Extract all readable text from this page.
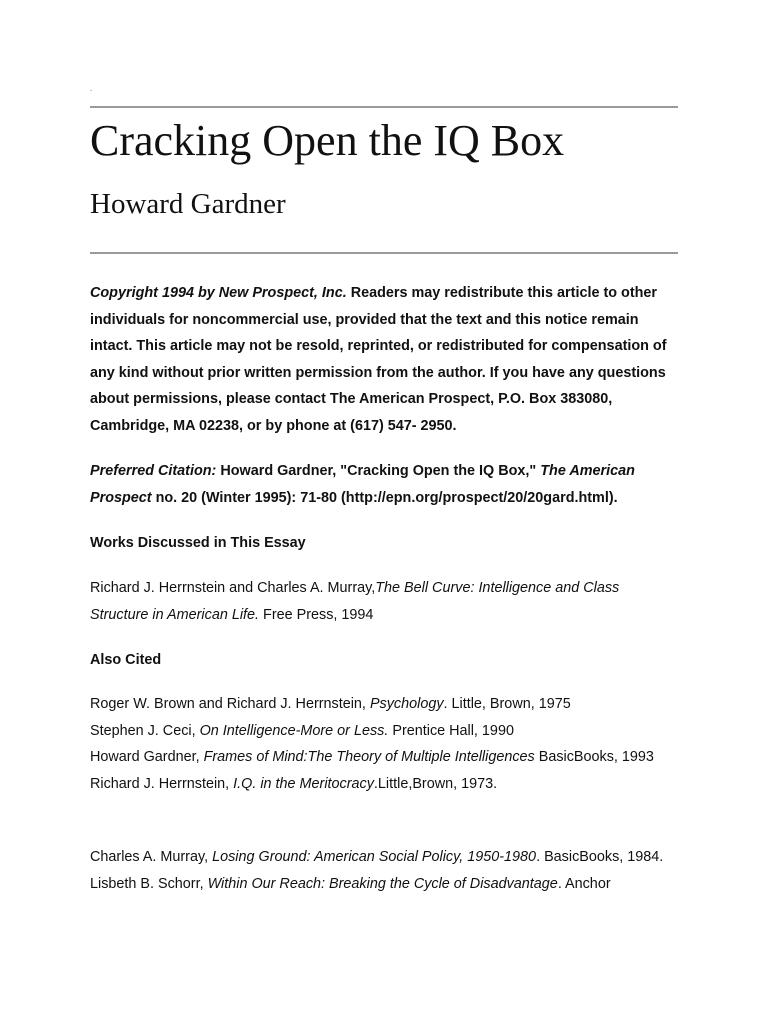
.
Cracking Open the IQ Box
Howard Gardner

Copyright 1994 by New Prospect, Inc. Readers may redistribute this article to other individuals for noncommercial use, provided that the text and this notice remain intact. This article may not be resold, reprinted, or redistributed for compensation of any kind without prior written permission from the author. If you have any questions about permissions, please contact The American Prospect, P.O. Box 383080, Cambridge, MA 02238, or by phone at (617) 547- 2950.

Preferred Citation: Howard Gardner, "Cracking Open the IQ Box," The American Prospect no. 20 (Winter 1995): 71-80 (http://epn.org/prospect/20/20gard.html).

Works Discussed in This Essay

Richard J. Herrnstein and Charles A. Murray,The Bell Curve: Intelligence and Class Structure in American Life. Free Press, 1994

Also Cited

Roger W. Brown and Richard J. Herrnstein, Psychology. Little, Brown, 1975
Stephen J. Ceci, On Intelligence-More or Less. Prentice Hall, 1990
Howard Gardner, Frames of Mind:The Theory of Multiple Intelligences BasicBooks, 1993
Richard J. Herrnstein, I.Q. in the Meritocracy.Little,Brown, 1973.
Charles A. Murray, Losing Ground: American Social Policy, 1950-1980. BasicBooks, 1984.
Lisbeth B. Schorr, Within Our Reach: Breaking the Cycle of Disadvantage. Anchor
